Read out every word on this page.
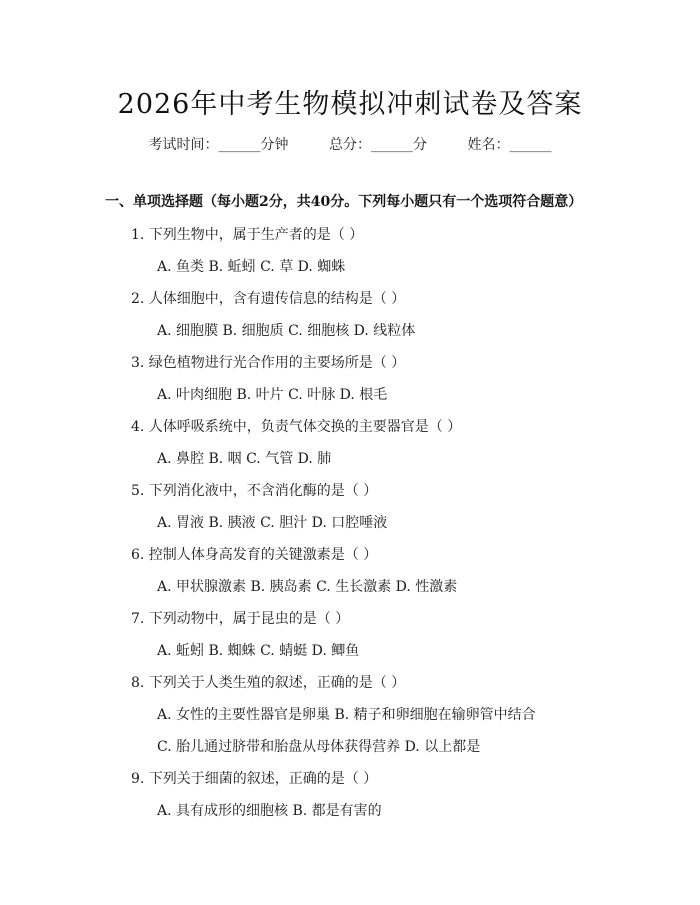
2026年中考生物模拟冲刺试卷及答案
考试时间：______分钟	总分：______分	姓名：______
一、单项选择题（每小题2分，共40分。下列每小题只有一个选项符合题意）
1. 下列生物中，属于生产者的是（ ）
A. 鱼类 B. 蚯蚓 C. 草 D. 蜘蛛
2. 人体细胞中，含有遗传信息的结构是（ ）
A. 细胞膜 B. 细胞质 C. 细胞核 D. 线粒体
3. 绿色植物进行光合作用的主要场所是（ ）
A. 叶肉细胞 B. 叶片 C. 叶脉 D. 根毛
4. 人体呼吸系统中，负责气体交换的主要器官是（ ）
A. 鼻腔 B. 咽 C. 气管 D. 肺
5. 下列消化液中，不含消化酶的是（ ）
A. 胃液 B. 胰液 C. 胆汁 D. 口腔唾液
6. 控制人体身高发育的关键激素是（ ）
A. 甲状腺激素 B. 胰岛素 C. 生长激素 D. 性激素
7. 下列动物中，属于昆虫的是（ ）
A. 蚯蚓 B. 蜘蛛 C. 蜻蜓 D. 鲫鱼
8. 下列关于人类生殖的叙述，正确的是（ ）
A. 女性的主要性器官是卵巢 B. 精子和卵细胞在输卵管中结合
C. 胎儿通过脐带和胎盘从母体获得营养 D. 以上都是
9. 下列关于细菌的叙述，正确的是（ ）
A. 具有成形的细胞核 B. 都是有害的
